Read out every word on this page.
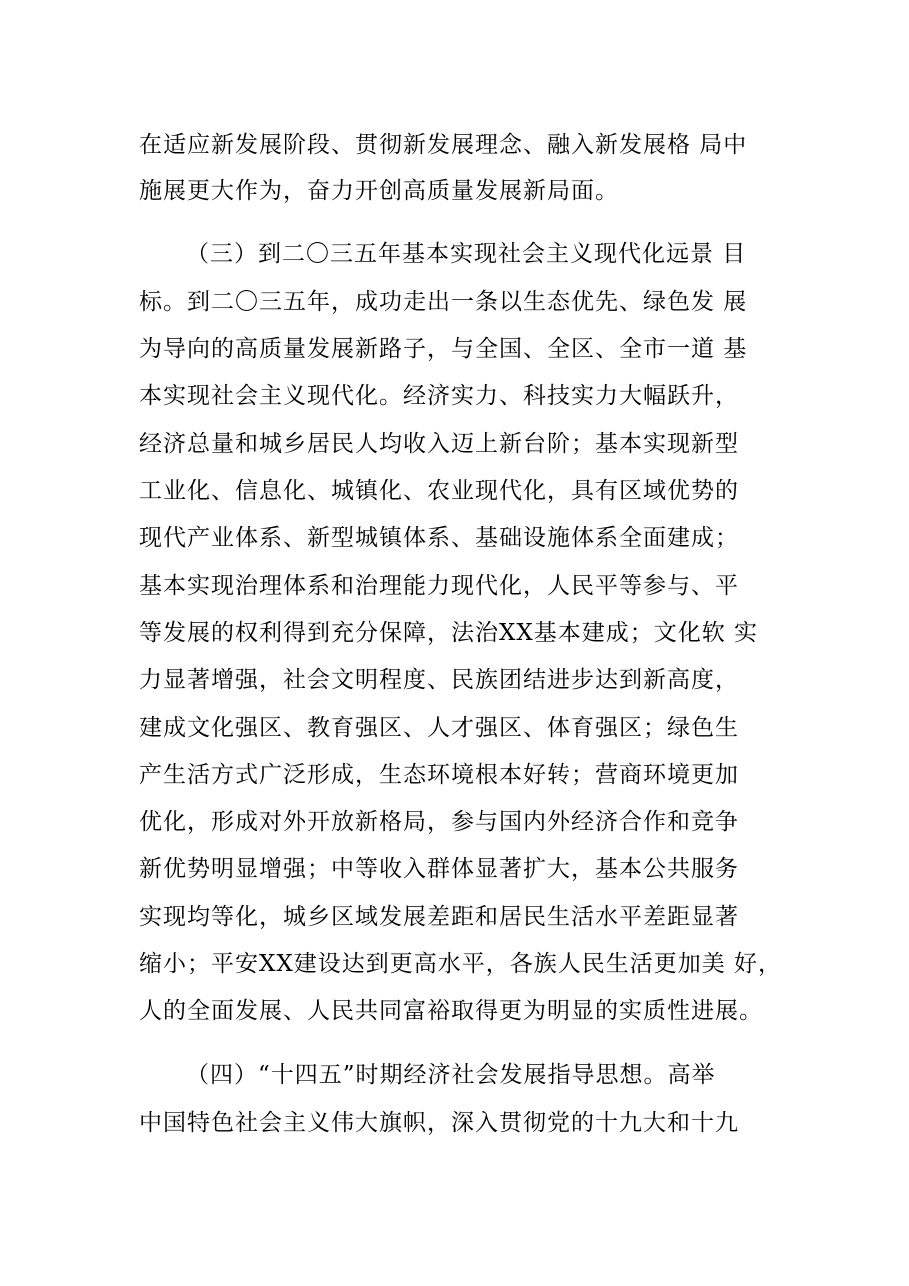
在适应新发展阶段、贯彻新发展理念、融入新发展格 局中
施展更大作为，奋力开创高质量发展新局面。
（三）到二〇三五年基本实现社会主义现代化远景 目
标。到二〇三五年，成功走出一条以生态优先、绿色发 展
为导向的高质量发展新路子，与全国、全区、全市一道 基
本实现社会主义现代化。经济实力、科技实力大幅跃升，
经济总量和城乡居民人均收入迈上新台阶；基本实现新型
工业化、信息化、城镇化、农业现代化，具有区域优势的
现代产业体系、新型城镇体系、基础设施体系全面建成；
基本实现治理体系和治理能力现代化，人民平等参与、平
等发展的权利得到充分保障，法治XX基本建成；文化软 实
力显著增强，社会文明程度、民族团结进步达到新高度，
建成文化强区、教育强区、人才强区、体育强区；绿色生
产生活方式广泛形成，生态环境根本好转；营商环境更加
优化，形成对外开放新格局，参与国内外经济合作和竞争
新优势明显增强；中等收入群体显著扩大，基本公共服务
实现均等化，城乡区域发展差距和居民生活水平差距显著
缩小；平安XX建设达到更高水平，各族人民生活更加美 好，
人的全面发展、人民共同富裕取得更为明显的实质性进展。
（四）“十四五”时期经济社会发展指导思想。高举
中国特色社会主义伟大旗帜，深入贯彻党的十九大和十九
